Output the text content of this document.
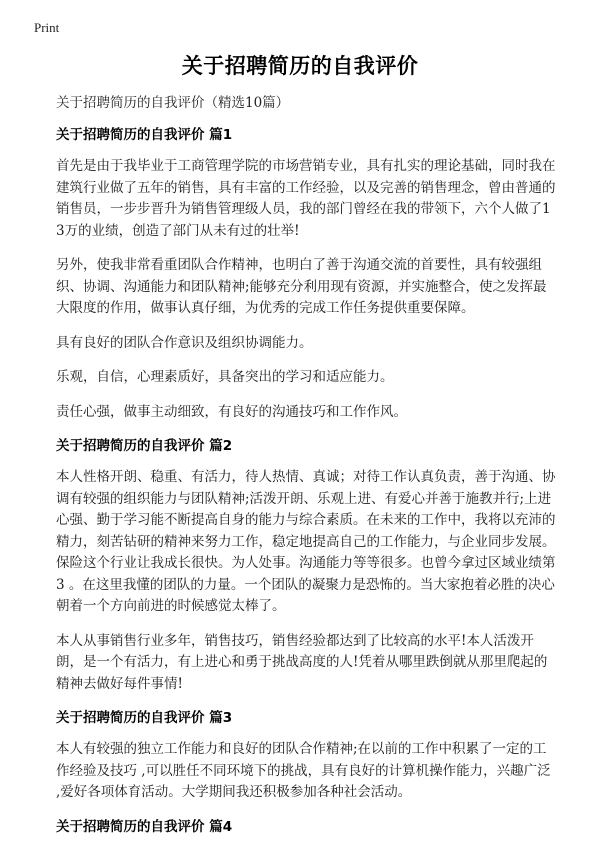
Print
关于招聘简历的自我评价
关于招聘简历的自我评价（精选10篇）
关于招聘简历的自我评价 篇1

首先是由于我毕业于工商管理学院的市场营销专业，具有扎实的理论基础，同时我在建筑行业做了五年的销售，具有丰富的工作经验，以及完善的销售理念，曾由普通的销售员，一步步晋升为销售管理级人员，我的部门曾经在我的带领下，六个人做了13万的业绩，创造了部门从未有过的壮举!

另外，使我非常看重团队合作精神，也明白了善于沟通交流的首要性，具有较强组织、协调、沟通能力和团队精神;能够充分利用现有资源，并实施整合，使之发挥最大限度的作用，做事认真仔细，为优秀的完成工作任务提供重要保障。

具有良好的团队合作意识及组织协调能力。

乐观，自信，心理素质好，具备突出的学习和适应能力。

责任心强，做事主动细致，有良好的沟通技巧和工作作风。

关于招聘简历的自我评价 篇2

本人性格开朗、稳重、有活力，待人热情、真诚；对待工作认真负责，善于沟通、协调有较强的组织能力与团队精神;活泼开朗、乐观上进、有爱心并善于施教并行;上进心强、勤于学习能不断提高自身的能力与综合素质。在未来的工作中，我将以充沛的精力，刻苦钻研的精神来努力工作，稳定地提高自己的工作能力，与企业同步发展。保险这个行业让我成长很快。为人处事。沟通能力等等很多。也曾今拿过区域业绩第3 。在这里我懂的团队的力量。一个团队的凝聚力是恐怖的。当大家抱着必胜的决心朝着一个方向前进的时候感觉太棒了。

本人从事销售行业多年，销售技巧，销售经验都达到了比较高的水平!本人活泼开朗，是一个有活力，有上进心和勇于挑战高度的人!凭着从哪里跌倒就从那里爬起的精神去做好每件事情!

关于招聘简历的自我评价 篇3

本人有较强的独立工作能力和良好的团队合作精神;在以前的工作中积累了一定的工作经验及技巧 ,可以胜任不同环境下的挑战，具有良好的计算机操作能力，兴趣广泛 ,爱好各项体育活动。大学期间我还积极参加各种社会活动。

关于招聘简历的自我评价 篇4
